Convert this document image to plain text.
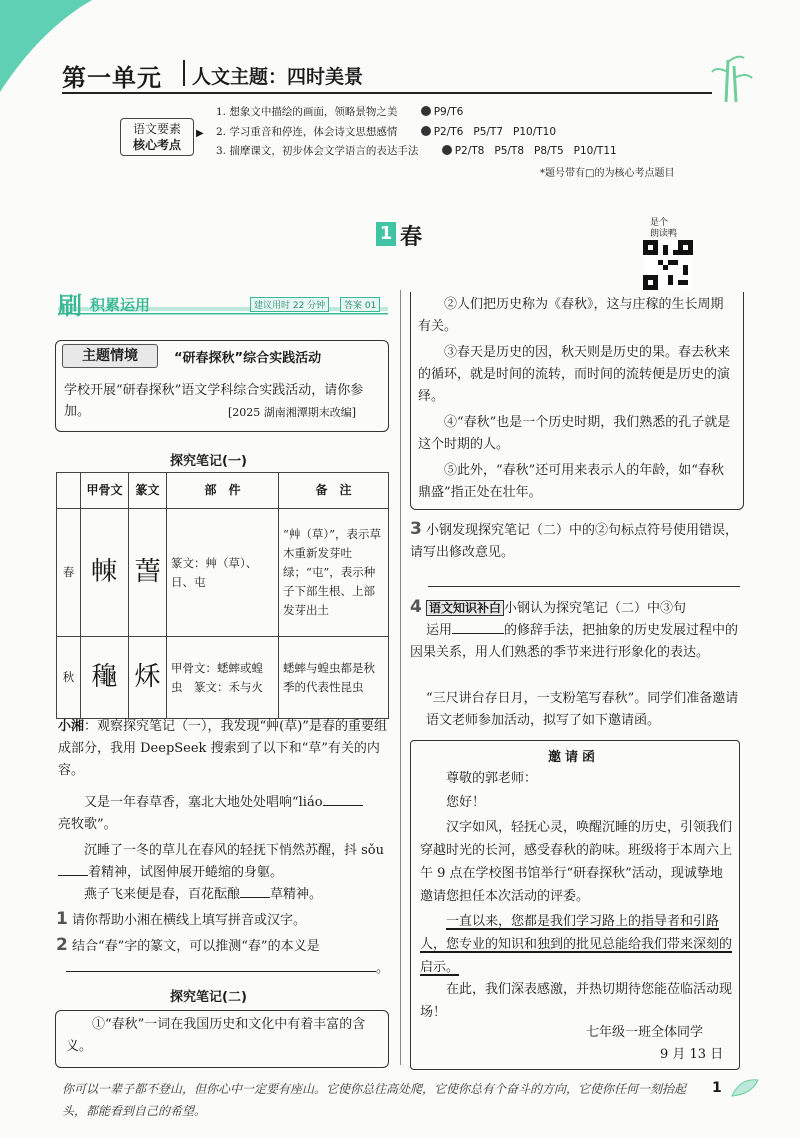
第一单元 人文主题：四时美景
语文要素
核心考点
▶
1. 想象文中描绘的画面，领略景物之美	P9/T6
2. 学习重音和停连，体会诗文思想感情	P2/T6 P5/T7 P10/T10
3. 揣摩课文，初步体会文学语言的表达手法	P2/T8 P5/T8 P8/T5 P10/T11
*题号带有□的为核心考点题目
1 春
是个
朗读鸭
刷 积累运用	建议用时 22 分钟	答案 01
主题情境	“研春探秋”综合实践活动
学校开展“研春探秋”语文学科综合实践活动，请你参加。	[2025 湖南湘潭期末改编]
探究笔记(一)
	甲骨文	篆文	部　件	备　注
春	𣌾	萅	篆文：艸（草）、日、屯	“艸（草）”，表示草木重新发芽吐绿；“屯”，表示种子下部生根、上部发芽出土
秋	龝	秌	甲骨文：蟋蟀或蝗虫　篆文：禾与火	蟋蟀与蝗虫都是秋季的代表性昆虫
小湘：观察探究笔记（一），我发现“艸(草)”是春的重要组成部分，我用 DeepSeek 搜索到了以下和“草”有关的内容。
又是一年春草香，塞北大地处处唱响“liáo
亮牧歌”。
沉睡了一冬的草儿在春风的轻抚下悄然苏醒，抖 sǒu着精神，试图伸展开蜷缩的身躯。
燕子飞来便是春，百花酝酿 草精神。
1 请你帮助小湘在横线上填写拼音或汉字。
2 结合“春”字的篆文，可以推测“春”的本义是
。
探究笔记(二)
①“春秋”一词在我国历史和文化中有着丰富的含义。
②人们把历史称为《春秋》，这与庄稼的生长周期有关。
③春天是历史的因，秋天则是历史的果。春去秋来的循环，就是时间的流转，而时间的流转便是历史的演绎。
④“春秋”也是一个历史时期，我们熟悉的孔子就是这个时期的人。
⑤此外，“春秋”还可用来表示人的年龄，如“春秋鼎盛”指正处在壮年。
3 小钢发现探究笔记（二）中的②句标点符号使用错误，请写出修改意见。
4 语文知识补白 小钢认为探究笔记（二）中③句
运用	的修辞手法，把抽象的历史发展过程中的因果关系，用人们熟悉的季节来进行形象化的表达。
“三尺讲台存日月，一支粉笔写春秋”。同学们准备邀请语文老师参加活动，拟写了如下邀请函。
邀请函
尊敬的郭老师：
您好！
汉字如风，轻抚心灵，唤醒沉睡的历史，引领我们穿越时光的长河，感受春秋的韵味。班级将于本周六上午 9 点在学校图书馆举行“研春探秋”活动，现诚挚地邀请您担任本次活动的评委。
一直以来，您都是我们学习路上的指导者和引路人，您专业的知识和独到的批见总能给我们带来深刻的启示。
在此，我们深表感激，并热切期待您能莅临活动现场！
七年级一班全体同学
9 月 13 日
你可以一辈子都不登山，但你心中一定要有座山。它使你总往高处爬，它使你总有个奋斗的方向，它使你任何一刻抬起头，都能看到自己的希望。
1
